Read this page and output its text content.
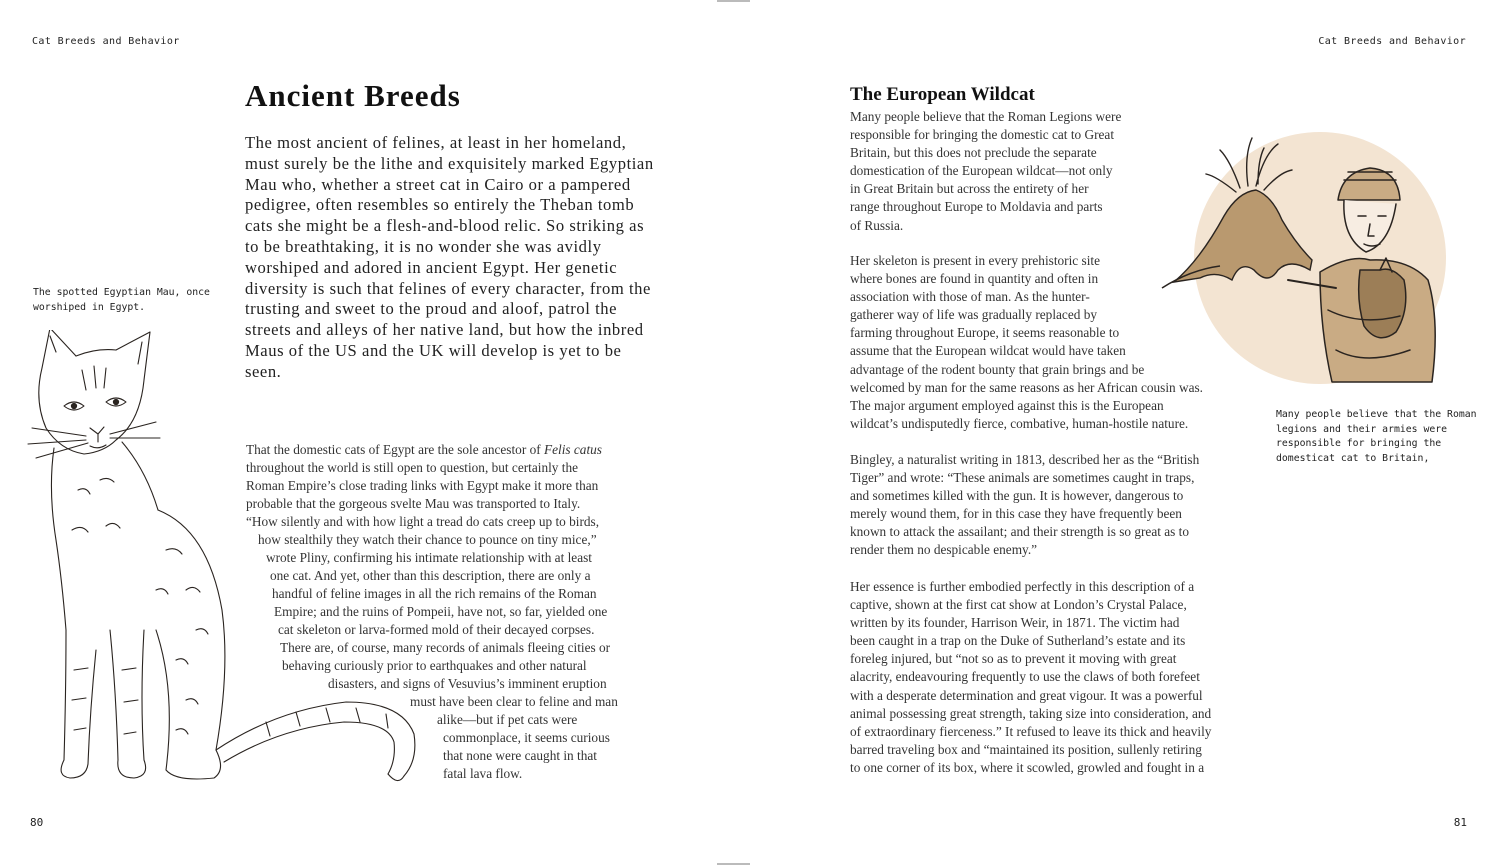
Cat Breeds and Behavior
Ancient Breeds

The most ancient of felines, at least in her homeland, must surely be the lithe and exquisitely marked Egyptian Mau who, whether a street cat in Cairo or a pampered pedigree, often resembles so entirely the Theban tomb cats she might be a flesh-and-blood relic. So striking as to be breathtaking, it is no wonder she was avidly worshiped and adored in ancient Egypt. Her genetic diversity is such that felines of every character, from the trusting and sweet to the proud and aloof, patrol the streets and alleys of her native land, but how the inbred Maus of the US and the UK will develop is yet to be seen.

The spotted Egyptian Mau, once
worshiped in Egypt.

That the domestic cats of Egypt are the sole ancestor of Felis catus

throughout the world is still open to question, but certainly the

Roman Empire’s close trading links with Egypt make it more than

probable that the gorgeous svelte Mau was transported to Italy.

“How silently and with how light a tread do cats creep up to birds,

how stealthily they watch their chance to pounce on tiny mice,”

wrote Pliny, confirming his intimate relationship with at least

one cat. And yet, other than this description, there are only a

handful of feline images in all the rich remains of the Roman

Empire; and the ruins of Pompeii, have not, so far, yielded one

cat skeleton or larva-formed mold of their decayed corpses.

There are, of course, many records of animals fleeing cities or

behaving curiously prior to earthquakes and other natural

disasters, and signs of Vesuvius’s imminent eruption

must have been clear to feline and man

alike—but if pet cats were

commonplace, it seems curious

that none were caught in that

fatal lava flow.

80
Cat Breeds and Behavior
81
The European Wildcat
Many people believe that the Roman Legions were
responsible for bringing the domestic cat to Great
Britain, but this does not preclude the separate
domestication of the European wildcat—not only
in Great Britain but across the entirety of her
range throughout Europe to Moldavia and parts
of Russia.
Her skeleton is present in every prehistoric site
where bones are found in quantity and often in
association with those of man. As the hunter-
gatherer way of life was gradually replaced by
farming throughout Europe, it seems reasonable to
assume that the European wildcat would have taken
advantage of the rodent bounty that grain brings and be
welcomed by man for the same reasons as her African cousin was.
The major argument employed against this is the European
wildcat’s undisputedly fierce, combative, human-hostile nature.
Bingley, a naturalist writing in 1813, described her as the “British
Tiger” and wrote: “These animals are sometimes caught in traps,
and sometimes killed with the gun. It is however, dangerous to
merely wound them, for in this case they have frequently been
known to attack the assailant; and their strength is so great as to
render them no despicable enemy.”
Her essence is further embodied perfectly in this description of a
captive, shown at the first cat show at London’s Crystal Palace,
written by its founder, Harrison Weir, in 1871. The victim had
been caught in a trap on the Duke of Sutherland’s estate and its
foreleg injured, but “not so as to prevent it moving with great
alacrity, endeavouring frequently to use the claws of both forefeet
with a desperate determination and great vigour. It was a powerful
animal possessing great strength, taking size into consideration, and
of extraordinary fierceness.” It refused to leave its thick and heavily
barred traveling box and “maintained its position, sullenly retiring
to one corner of its box, where it scowled, growled and fought in a
Many people believe that the Roman
legions and their armies were
responsible for bringing the
domesticat cat to Britain,
